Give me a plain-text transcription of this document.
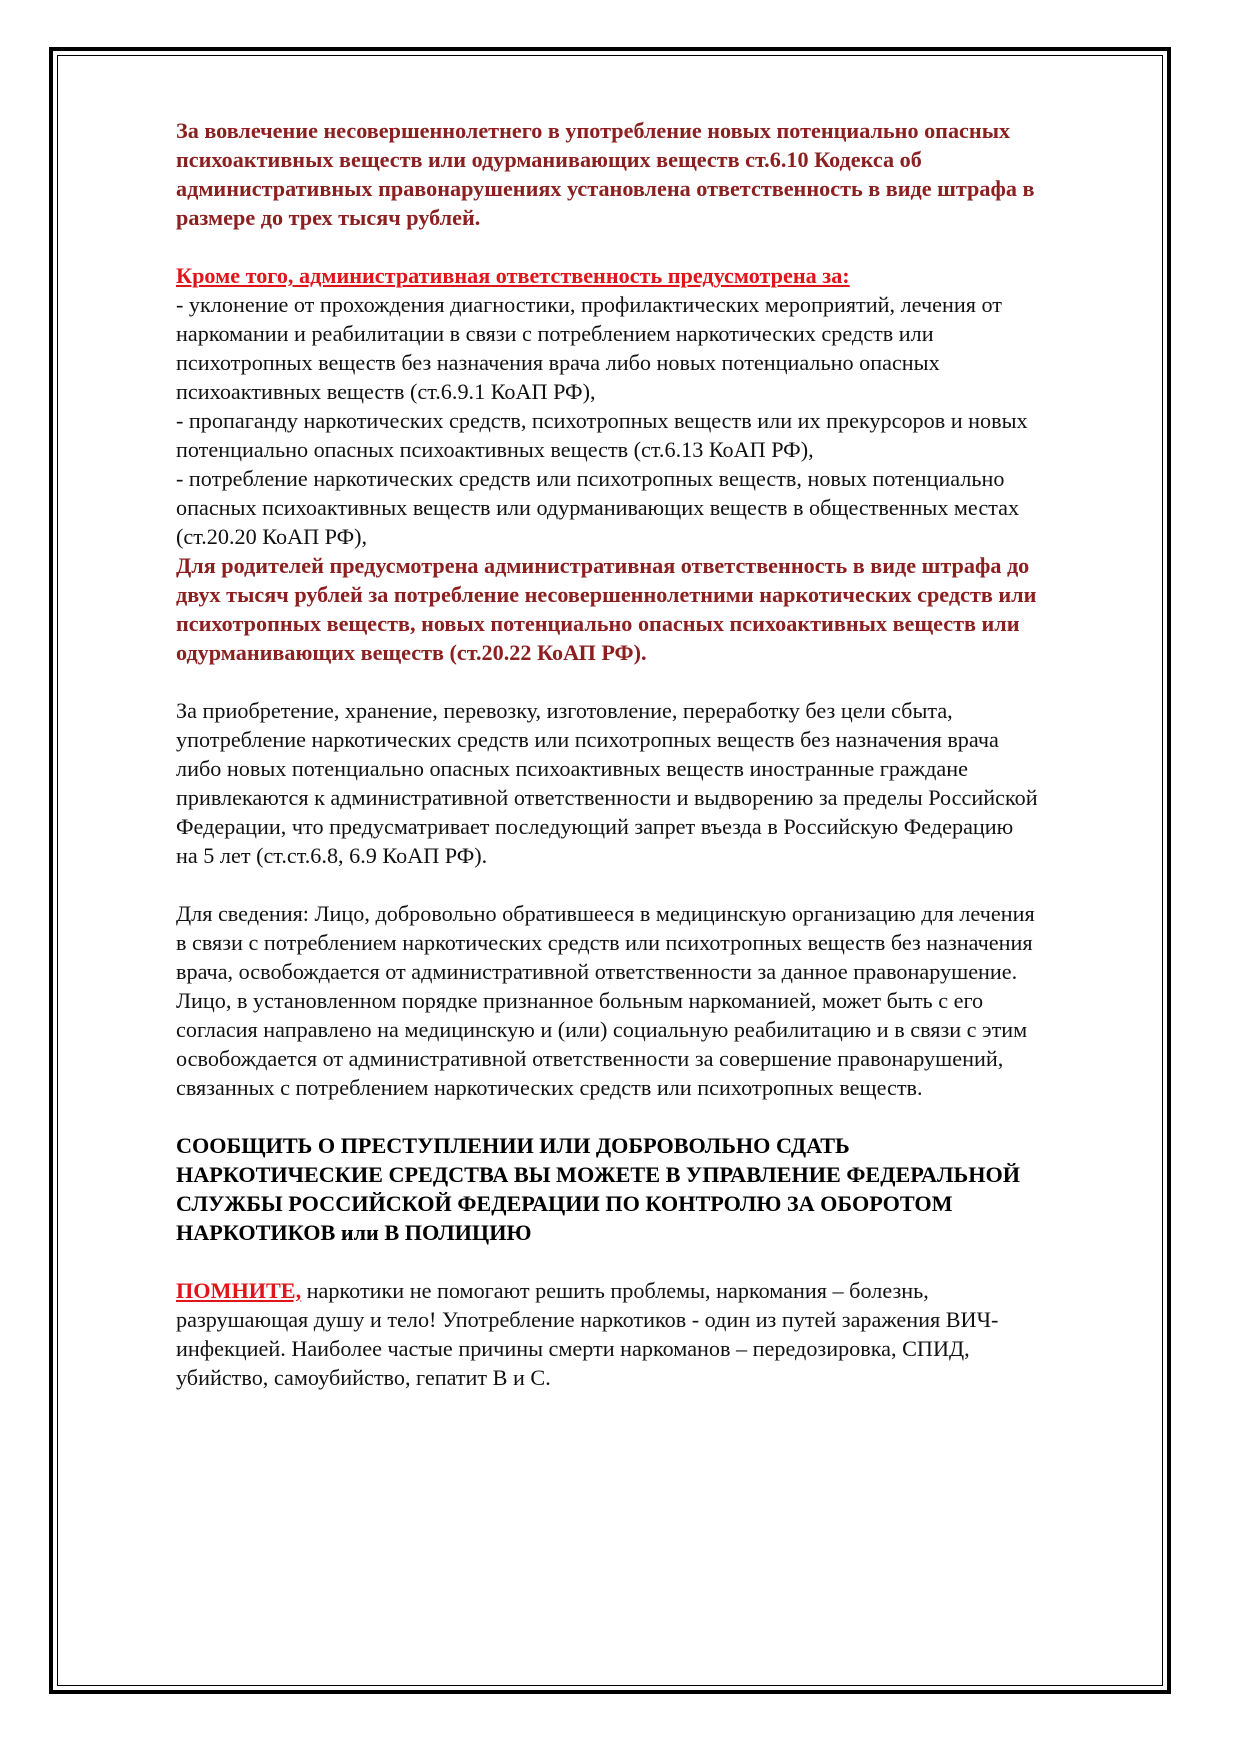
За вовлечение несовершеннолетнего в употребление новых потенциально опасных
психоактивных веществ или одурманивающих веществ ст.6.10 Кодекса об
административных правонарушениях установлена ответственность в виде штрафа в
размере до трех тысяч рублей.
Кроме того, административная ответственность предусмотрена за:
- уклонение от прохождения диагностики, профилактических мероприятий, лечения от
наркомании и реабилитации в связи с потреблением наркотических средств или
психотропных веществ без назначения врача либо новых потенциально опасных
психоактивных веществ (ст.6.9.1 КоАП РФ),
- пропаганду наркотических средств, психотропных веществ или их прекурсоров и новых
потенциально опасных психоактивных веществ (ст.6.13 КоАП РФ),
- потребление наркотических средств или психотропных веществ, новых потенциально
опасных психоактивных веществ или одурманивающих веществ в общественных местах
(ст.20.20 КоАП РФ),
Для родителей предусмотрена административная ответственность в виде штрафа до
двух тысяч рублей за потребление несовершеннолетними наркотических средств или
психотропных веществ, новых потенциально опасных психоактивных веществ или
одурманивающих веществ (ст.20.22 КоАП РФ).
За приобретение, хранение, перевозку, изготовление, переработку без цели сбыта,
употребление наркотических средств или психотропных веществ без назначения врача
либо новых потенциально опасных психоактивных веществ иностранные граждане
привлекаются к административной ответственности и выдворению за пределы Российской
Федерации, что предусматривает последующий запрет въезда в Российскую Федерацию
на 5 лет (ст.ст.6.8, 6.9 КоАП РФ).
Для сведения: Лицо, добровольно обратившееся в медицинскую организацию для лечения
в связи с потреблением наркотических средств или психотропных веществ без назначения
врача, освобождается от административной ответственности за данное правонарушение.
Лицо, в установленном порядке признанное больным наркоманией, может быть с его
согласия направлено на медицинскую и (или) социальную реабилитацию и в связи с этим
освобождается от административной ответственности за совершение правонарушений,
связанных с потреблением наркотических средств или психотропных веществ.
СООБЩИТЬ О ПРЕСТУПЛЕНИИ ИЛИ ДОБРОВОЛЬНО СДАТЬ
НАРКОТИЧЕСКИЕ СРЕДСТВА ВЫ МОЖЕТЕ В УПРАВЛЕНИЕ ФЕДЕРАЛЬНОЙ
СЛУЖБЫ РОССИЙСКОЙ ФЕДЕРАЦИИ ПО КОНТРОЛЮ ЗА ОБОРОТОМ
НАРКОТИКОВ или В ПОЛИЦИЮ
ПОМНИТЕ, наркотики не помогают решить проблемы, наркомания – болезнь,
разрушающая душу и тело! Употребление наркотиков - один из путей заражения ВИЧ-
инфекцией. Наиболее частые причины смерти наркоманов – передозировка, СПИД,
убийство, самоубийство, гепатит В и С.
